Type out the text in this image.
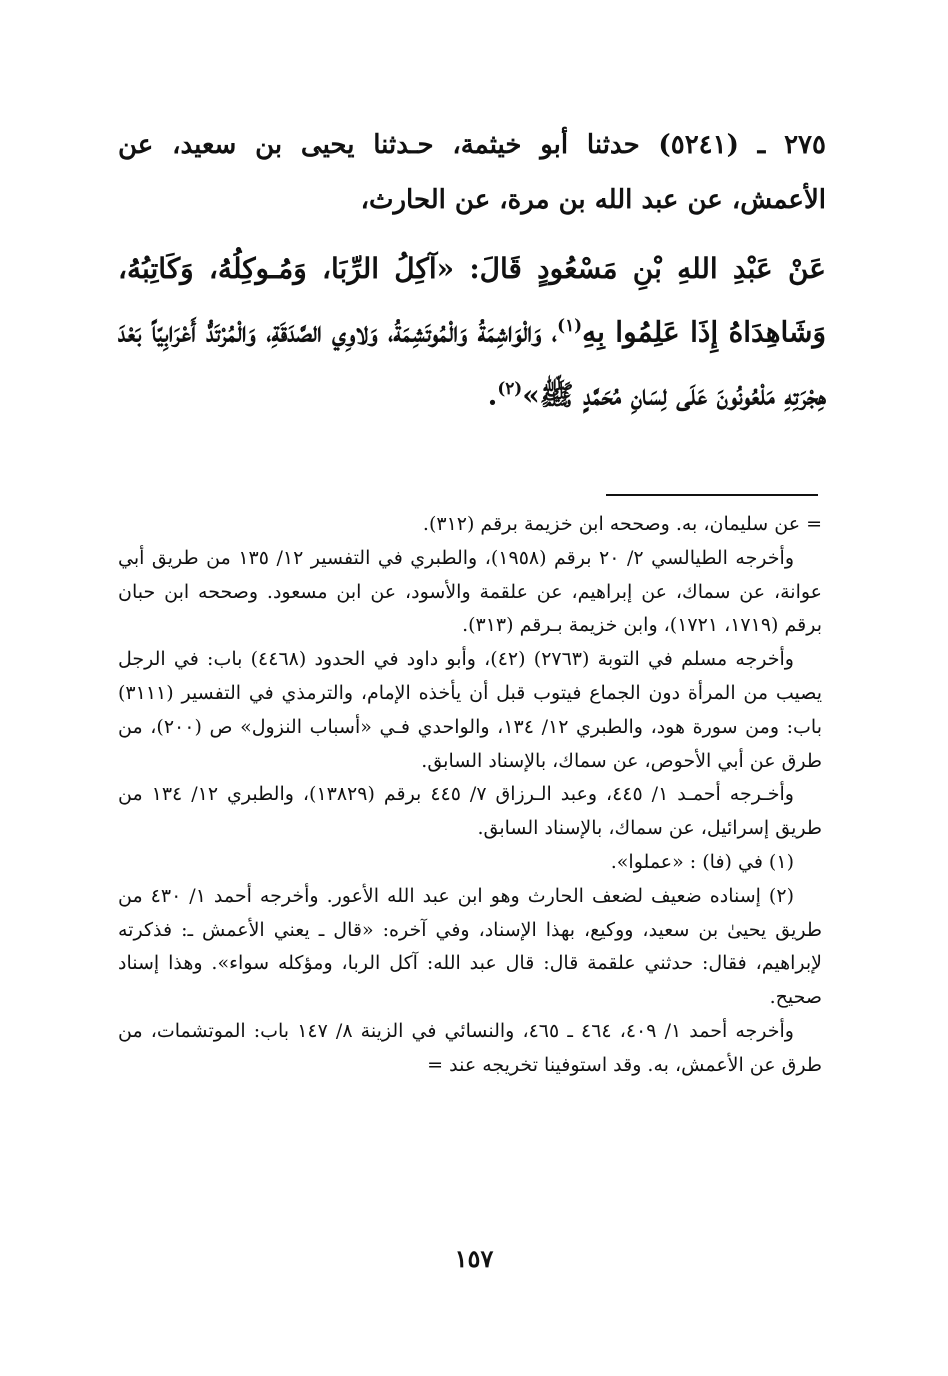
٢٧٥ ـ (٥٢٤١) حدثنا أبو خيثمة، حـدثنا يحيى بن سعيد، عن الأعمش، عن عبد الله بن مرة، عن الحارث،

عَنْ عَبْدِ اللهِ بْنِ مَسْعُودٍ قَالَ: «آكِلُ الرِّبَا، وَمُـوكِلُهُ، وَكَاتِبُهُ، وَشَاهِدَاهُ إِذَا عَلِمُوا بِهِ$^{(١)}$، وَالْوَاشِمَةُ وَالْمُوتَشِمَةُ، وَلاوِي الصَّدَقَةِ، وَالْمُرْتَدُّ أَعْرَابِيّاً بَعْدَ هِجْرَتِهِ مَلْعُونُونَ عَلَى لِسَانِ مُحَمَّدٍ ﷺ»$^{(٢)}$.

= عن سليمان، به. وصححه ابن خزيمة برقم (٣١٢).

وأخرجه الطيالسي ٢/ ٢٠ برقم (١٩٥٨)، والطبري في التفسير ١٢/ ١٣٥ من طريق أبي عوانة، عن سماك، عن إبراهيم، عن علقمة والأسود، عن ابن مسعود. وصححه ابن حبان برقم (١٧١٩، ١٧٢١)، وابن خزيمة بـرقم (٣١٣).

وأخرجه مسلم في التوبة (٢٧٦٣) (٤٢)، وأبو داود في الحدود (٤٤٦٨) باب: في الرجل يصيب من المرأة دون الجماع فيتوب قبل أن يأخذه الإمام، والترمذي في التفسير (٣١١١) باب: ومن سورة هود، والطبري ١٢/ ١٣٤، والواحدي فـي «أسباب النزول» ص (٢٠٠)، من طرق عن أبي الأحوص، عن سماك، بالإسناد السابق.

وأخـرجه أحمـد ١/ ٤٤٥، وعبد الـرزاق ٧/ ٤٤٥ برقم (١٣٨٢٩)، والطبري ١٢/ ١٣٤ من طريق إسرائيل، عن سماك، بالإسناد السابق.

(١) في (فا) : «عملوا».

(٢) إسناده ضعيف لضعف الحارث وهو ابن عبد الله الأعور. وأخرجه أحمد ١/ ٤٣٠ من طريق يحيىٰ بن سعيد، ووكيع، بهذا الإسناد، وفي آخره: «قال ـ يعني الأعمش ـ: فذكرته لإبراهيم، فقال: حدثني علقمة قال: قال عبد الله: آكل الربا، ومؤكله سواء». وهذا إسناد صحيح.

وأخرجه أحمد ١/ ٤٠٩، ٤٦٤ ـ ٤٦٥، والنسائي في الزينة ٨/ ١٤٧ باب: الموتشمات، من طرق عن الأعمش، به. وقد استوفينا تخريجه عند =

١٥٧
